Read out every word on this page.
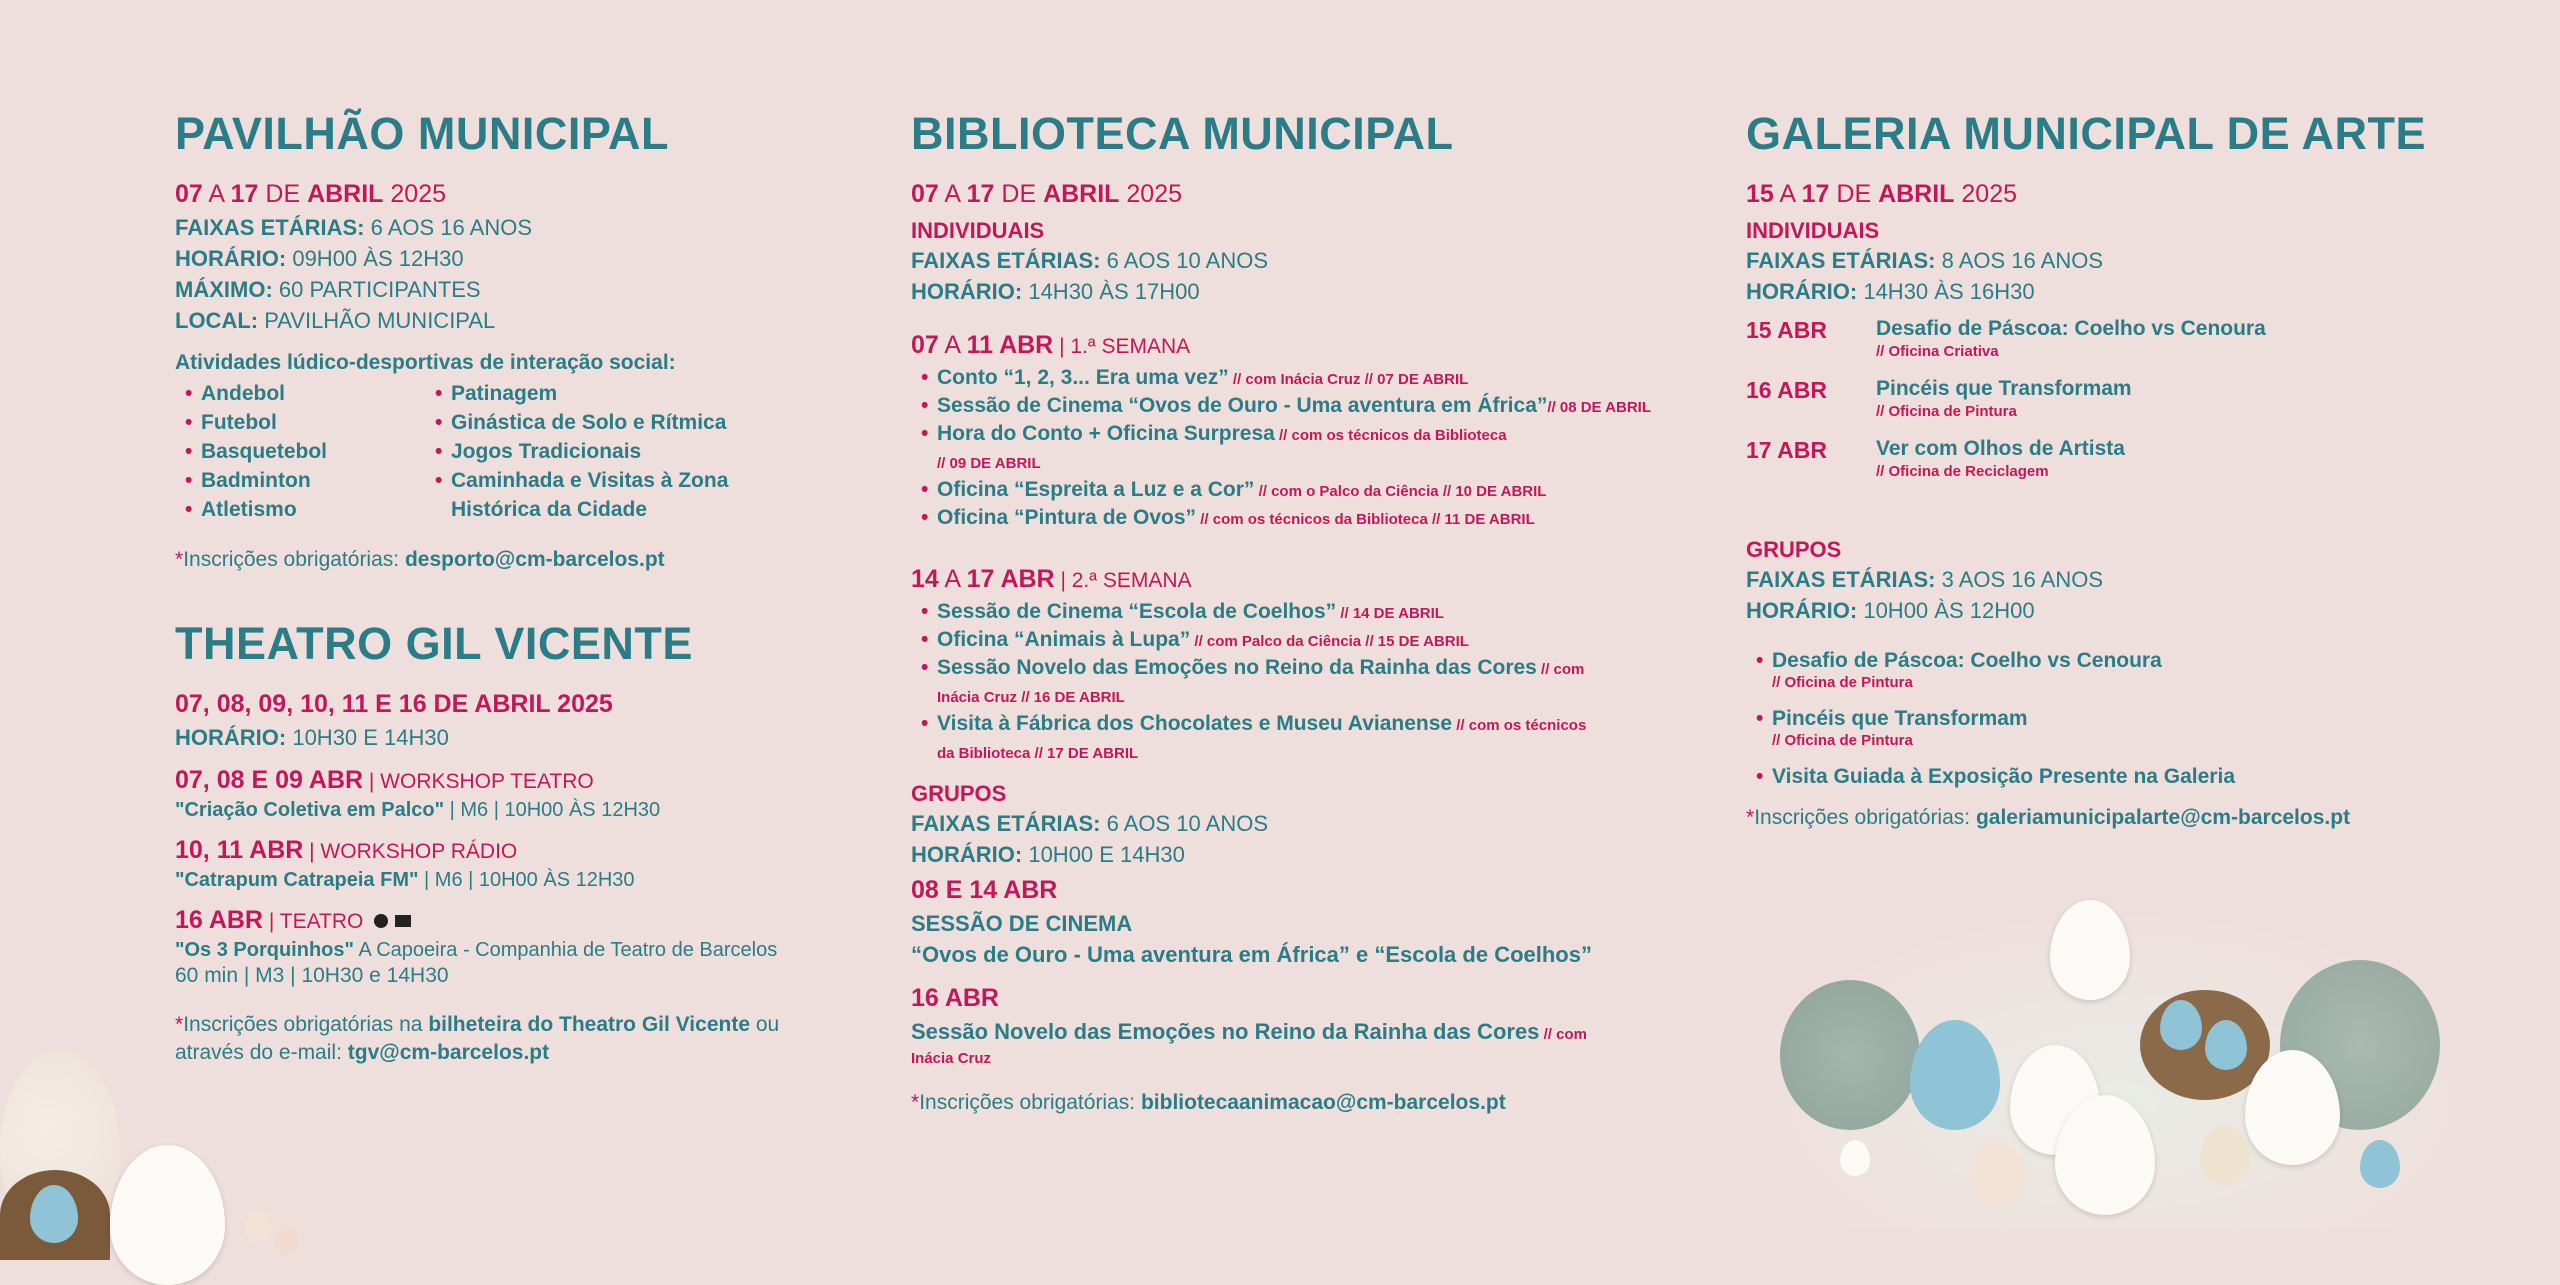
PAVILHÃO MUNICIPAL
07 A 17 DE ABRIL 2025
FAIXAS ETÁRIAS: 6 AOS 16 ANOS
HORÁRIO: 09H00 ÀS 12H30
MÁXIMO: 60 PARTICIPANTES
LOCAL: PAVILHÃO MUNICIPAL
Atividades lúdico-desportivas de interação social:
• Andebol
• Futebol
• Basquetebol
• Badminton
• Atletismo
• Patinagem
• Ginástica de Solo e Rítmica
• Jogos Tradicionais
• Caminhada e Visitas à Zona
Histórica da Cidade
*Inscrições obrigatórias: desporto@cm-barcelos.pt
THEATRO GIL VICENTE
07, 08, 09, 10, 11 E 16 DE ABRIL 2025
HORÁRIO: 10H30 E 14H30
07, 08 E 09 ABR | WORKSHOP TEATRO
"Criação Coletiva em Palco" | M6 | 10H00 ÀS 12H30
10, 11 ABR | WORKSHOP RÁDIO
"Catrapum Catrapeia FM" | M6 | 10H00 ÀS 12H30
16 ABR | TEATRO
"Os 3 Porquinhos" A Capoeira - Companhia de Teatro de Barcelos
60 min | M3 | 10H30 e 14H30
*Inscrições obrigatórias na bilheteira do Theatro Gil Vicente ou
através do e-mail: tgv@cm-barcelos.pt
BIBLIOTECA MUNICIPAL
07 A 17 DE ABRIL 2025
INDIVIDUAIS
FAIXAS ETÁRIAS: 6 AOS 10 ANOS
HORÁRIO: 14H30 ÀS 17H00
07 A 11 ABR | 1.ª SEMANA
• Conto “1, 2, 3... Era uma vez” // com Inácia Cruz // 07 DE ABRIL
• Sessão de Cinema “Ovos de Ouro - Uma aventura em África”// 08 DE ABRIL
• Hora do Conto + Oficina Surpresa // com os técnicos da Biblioteca
// 09 DE ABRIL
• Oficina “Espreita a Luz e a Cor” // com o Palco da Ciência // 10 DE ABRIL
• Oficina “Pintura de Ovos” // com os técnicos da Biblioteca // 11 DE ABRIL
14 A 17 ABR | 2.ª SEMANA
• Sessão de Cinema “Escola de Coelhos” // 14 DE ABRIL
• Oficina “Animais à Lupa” // com Palco da Ciência // 15 DE ABRIL
• Sessão Novelo das Emoções no Reino da Rainha das Cores // com
Inácia Cruz // 16 DE ABRIL
• Visita à Fábrica dos Chocolates e Museu Avianense // com os técnicos
da Biblioteca // 17 DE ABRIL
GRUPOS
FAIXAS ETÁRIAS: 6 AOS 10 ANOS
HORÁRIO: 10H00 E 14H30
08 E 14 ABR
SESSÃO DE CINEMA
“Ovos de Ouro - Uma aventura em África” e “Escola de Coelhos”
16 ABR
Sessão Novelo das Emoções no Reino da Rainha das Cores // com
Inácia Cruz
*Inscrições obrigatórias: bibliotecaanimacao@cm-barcelos.pt
GALERIA MUNICIPAL DE ARTE
15 A 17 DE ABRIL 2025
INDIVIDUAIS
FAIXAS ETÁRIAS: 8 AOS 16 ANOS
HORÁRIO: 14H30 ÀS 16H30
15 ABR	Desafio de Páscoa: Coelho vs Cenoura
// Oficina Criativa
16 ABR	Pincéis que Transformam
// Oficina de Pintura
17 ABR	Ver com Olhos de Artista
// Oficina de Reciclagem
GRUPOS
FAIXAS ETÁRIAS: 3 AOS 16 ANOS
HORÁRIO: 10H00 ÀS 12H00
• Desafio de Páscoa: Coelho vs Cenoura
// Oficina de Pintura
• Pincéis que Transformam
// Oficina de Pintura
• Visita Guiada à Exposição Presente na Galeria
*Inscrições obrigatórias: galeriamunicipalarte@cm-barcelos.pt
